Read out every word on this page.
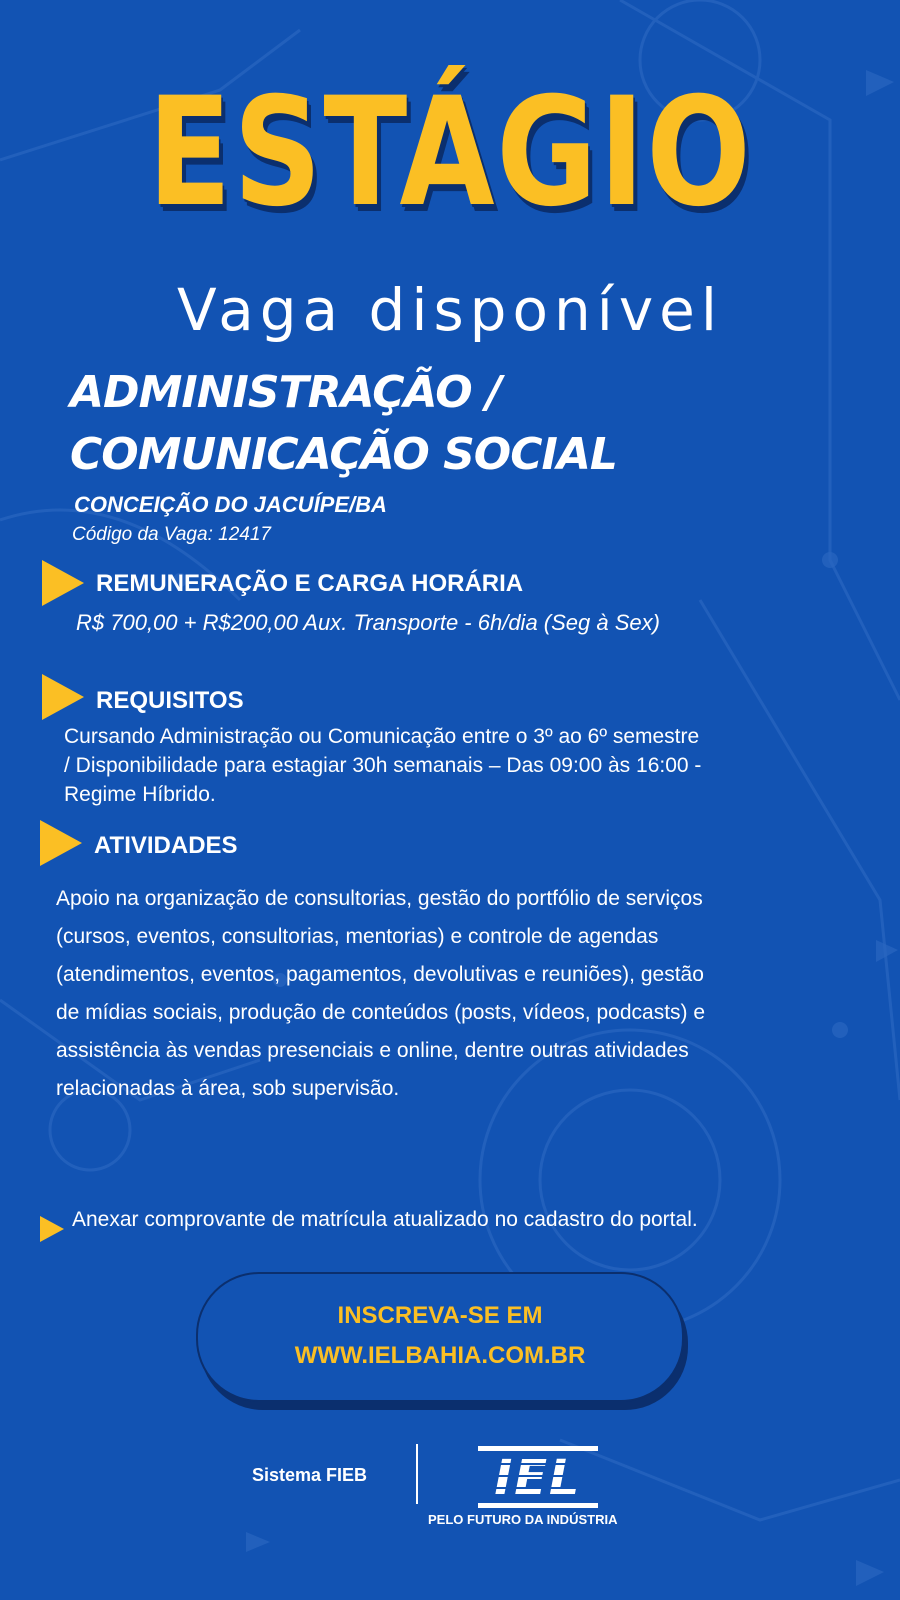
ESTÁGIO
Vaga disponível
ADMINISTRAÇÃO /
COMUNICAÇÃO SOCIAL
CONCEIÇÃO DO JACUÍPE/BA
Código da Vaga: 12417
REMUNERAÇÃO E CARGA HORÁRIA
R$ 700,00 + R$200,00 Aux. Transporte - 6h/dia (Seg à Sex)
REQUISITOS
Cursando Administração ou Comunicação entre o 3º ao 6º semestre
/ Disponibilidade para estagiar 30h semanais – Das 09:00 às 16:00 -
Regime Híbrido.
ATIVIDADES
Apoio na organização de consultorias, gestão do portfólio de serviços
(cursos, eventos, consultorias, mentorias) e controle de agendas
(atendimentos, eventos, pagamentos, devolutivas e reuniões), gestão
de mídias sociais, produção de conteúdos (posts, vídeos, podcasts) e
assistência às vendas presenciais e online, dentre outras atividades
relacionadas à área, sob supervisão.
Anexar comprovante de matrícula atualizado no cadastro do portal.
INSCREVA-SE EM
WWW.IELBAHIA.COM.BR
Sistema FIEB	IEL
PELO FUTURO DA INDÚSTRIA
